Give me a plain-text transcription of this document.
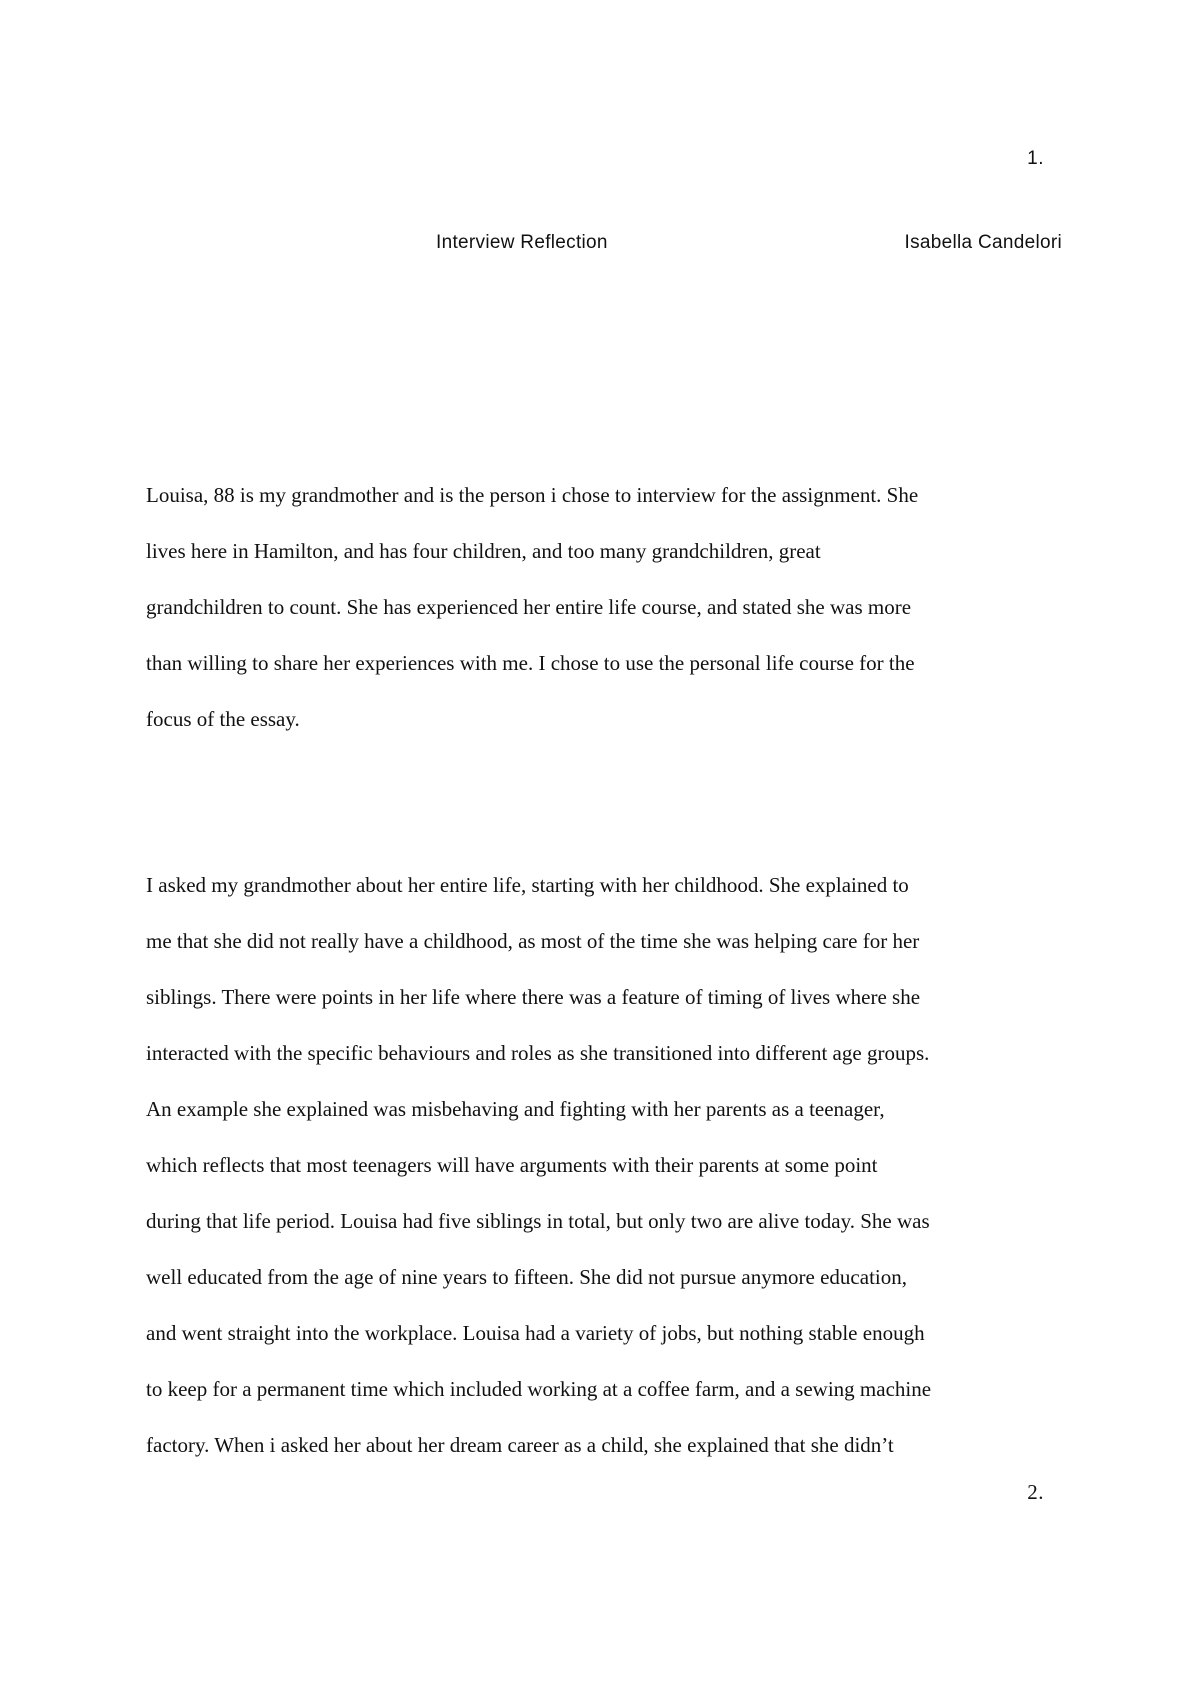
1.
Interview Reflection	Isabella Candelori

Louisa, 88 is my grandmother and is the person i chose to interview for the assignment. She
lives here in Hamilton, and has four children, and too many grandchildren, great
grandchildren to count. She has experienced her entire life course, and stated she was more
than willing to share her experiences with me. I chose to use the personal life course for the
focus of the essay.

I asked my grandmother about her entire life, starting with her childhood. She explained to
me that she did not really have a childhood, as most of the time she was helping care for her
siblings. There were points in her life where there was a feature of timing of lives where she
interacted with the specific behaviours and roles as she transitioned into different age groups.
An example she explained was misbehaving and fighting with her parents as a teenager,
which reflects that most teenagers will have arguments with their parents at some point
during that life period. Louisa had five siblings in total, but only two are alive today. She was
well educated from the age of nine years to fifteen. She did not pursue anymore education,
and went straight into the workplace. Louisa had a variety of jobs, but nothing stable enough
to keep for a permanent time which included working at a coffee farm, and a sewing machine
factory. When i asked her about her dream career as a child, she explained that she didn’t

2.
